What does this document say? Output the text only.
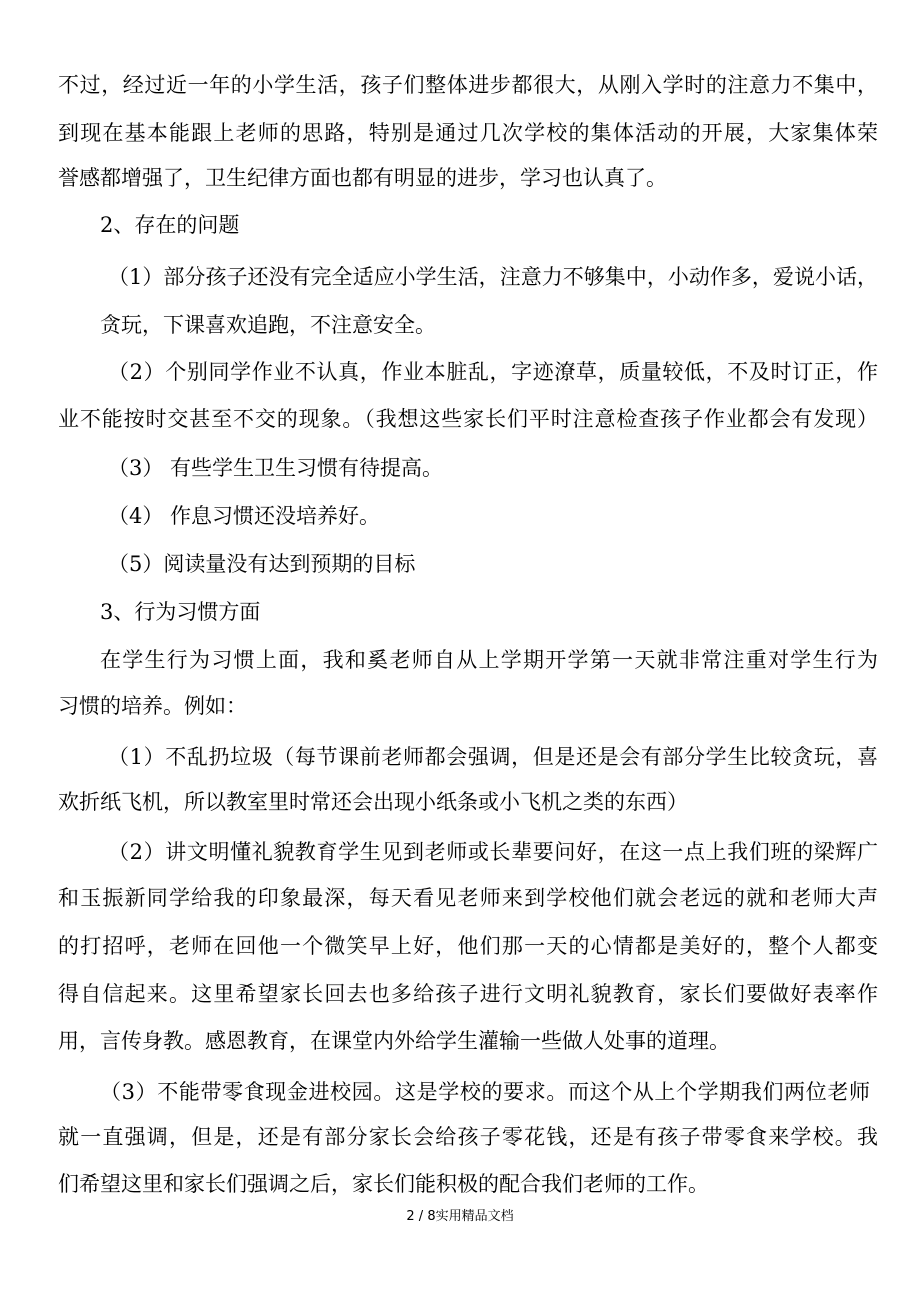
不过，经过近一年的小学生活，孩子们整体进步都很大，从刚入学时的注意力不集中，
到现在基本能跟上老师的思路，特别是通过几次学校的集体活动的开展，大家集体荣
誉感都增强了，卫生纪律方面也都有明显的进步，学习也认真了。
2、存在的问题
（1）部分孩子还没有完全适应小学生活，注意力不够集中，小动作多，爱说小话，
贪玩，下课喜欢追跑，不注意安全。
（2）个别同学作业不认真，作业本脏乱，字迹潦草，质量较低，不及时订正，作
业不能按时交甚至不交的现象。（我想这些家长们平时注意检查孩子作业都会有发现）
（3） 有些学生卫生习惯有待提高。
（4） 作息习惯还没培养好。
（5）阅读量没有达到预期的目标
3、行为习惯方面
在学生行为习惯上面，我和奚老师自从上学期开学第一天就非常注重对学生行为
习惯的培养。例如：
（1）不乱扔垃圾（每节课前老师都会强调，但是还是会有部分学生比较贪玩，喜
欢折纸飞机，所以教室里时常还会出现小纸条或小飞机之类的东西）
（2）讲文明懂礼貌教育学生见到老师或长辈要问好，在这一点上我们班的梁辉广
和玉振新同学给我的印象最深，每天看见老师来到学校他们就会老远的就和老师大声
的打招呼，老师在回他一个微笑早上好，他们那一天的心情都是美好的，整个人都变
得自信起来。这里希望家长回去也多给孩子进行文明礼貌教育，家长们要做好表率作
用，言传身教。感恩教育，在课堂内外给学生灌输一些做人处事的道理。
（3）不能带零食现金进校园。这是学校的要求。而这个从上个学期我们两位老师
就一直强调，但是，还是有部分家长会给孩子零花钱，还是有孩子带零食来学校。我
们希望这里和家长们强调之后，家长们能积极的配合我们老师的工作。
2 / 8实用精品文档
